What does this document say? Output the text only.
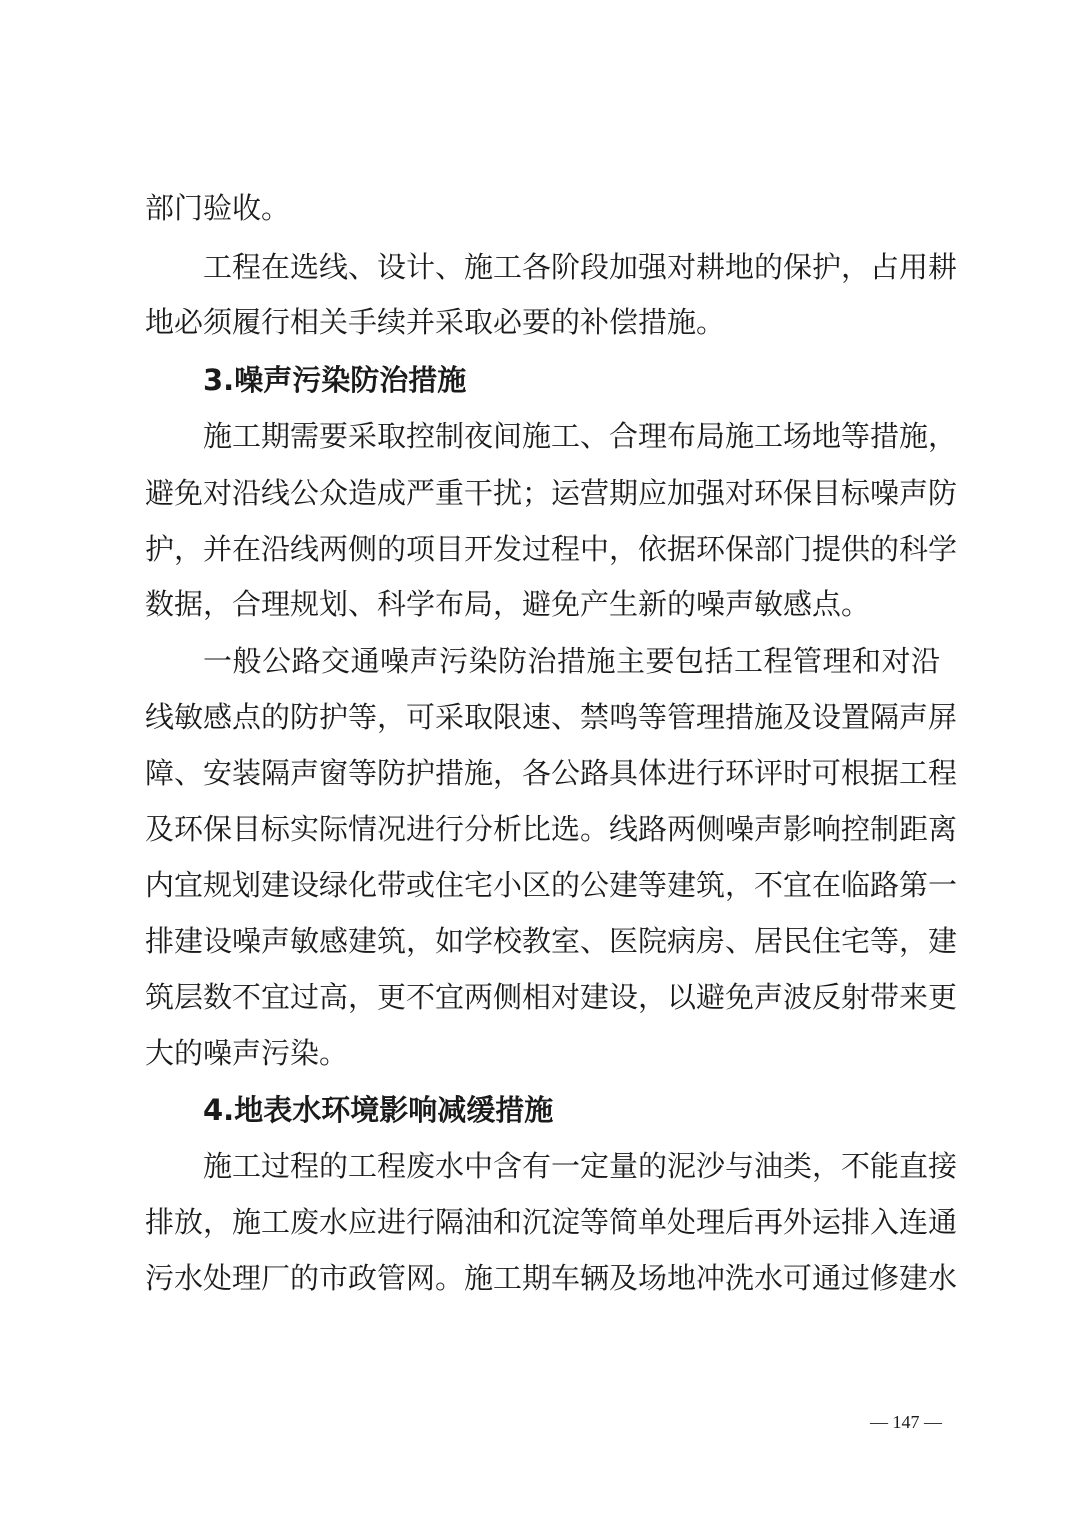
部门验收。
工程在选线、设计、施工各阶段加强对耕地的保护，占用耕
地必须履行相关手续并采取必要的补偿措施。
3.噪声污染防治措施
施工期需要采取控制夜间施工、合理布局施工场地等措施，
避免对沿线公众造成严重干扰；运营期应加强对环保目标噪声防
护，并在沿线两侧的项目开发过程中，依据环保部门提供的科学
数据，合理规划、科学布局，避免产生新的噪声敏感点。
一般公路交通噪声污染防治措施主要包括工程管理和对沿
线敏感点的防护等，可采取限速、禁鸣等管理措施及设置隔声屏
障、安装隔声窗等防护措施，各公路具体进行环评时可根据工程
及环保目标实际情况进行分析比选。线路两侧噪声影响控制距离
内宜规划建设绿化带或住宅小区的公建等建筑，不宜在临路第一
排建设噪声敏感建筑，如学校教室、医院病房、居民住宅等，建
筑层数不宜过高，更不宜两侧相对建设，以避免声波反射带来更
大的噪声污染。
4.地表水环境影响减缓措施
施工过程的工程废水中含有一定量的泥沙与油类，不能直接
排放，施工废水应进行隔油和沉淀等简单处理后再外运排入连通
污水处理厂的市政管网。施工期车辆及场地冲洗水可通过修建水
— 147 —
